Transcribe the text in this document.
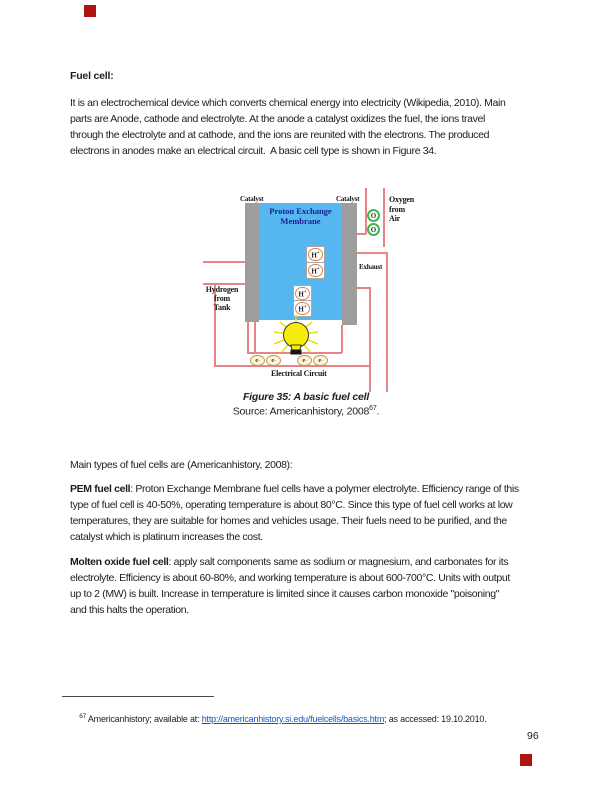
Fuel cell:
It is an electrochemical device which converts chemical energy into electricity (Wikipedia, 2010). Main
parts are Anode, cathode and electrolyte. At the anode a catalyst oxidizes the fuel, the ions travel
through the electrolyte and at cathode, and the ions are reunited with the electrons. The produced
electrons in anodes make an electrical circuit.  A basic cell type is shown in Figure 34.
Proton Exchange
Membrane
Catalyst	Catalyst	Oxygen
from
Air
Hydrogen
from
Tank
Exhaust
Electrical Circuit
O
O
H+
H+
H+
H+
e - e -	e - e -
Figure 35: A basic fuel cell
Source: Americanhistory, 2008$^{67}$.
Main types of fuel cells are (Americanhistory, 2008):
PEM fuel cell: Proton Exchange Membrane fuel cells have a polymer electrolyte. Efficiency range of this
type of fuel cell is 40-50%, operating temperature is about 80°C. Since this type of fuel cell works at low
temperatures, they are suitable for homes and vehicles usage. Their fuels need to be purified, and the
catalyst which is platinum increases the cost.
Molten oxide fuel cell: apply salt components same as sodium or magnesium, and carbonates for its
electrolyte. Efficiency is about 60-80%, and working temperature is about 600-700°C. Units with output
up to 2 (MW) is built. Increase in temperature is limited since it causes carbon monoxide "poisoning"
and this halts the operation.

$^{67}$ Americanhistory; available at: http://americanhistory.si.edu/fuelcells/basics.htm; as accessed: 19.10.2010.

96
